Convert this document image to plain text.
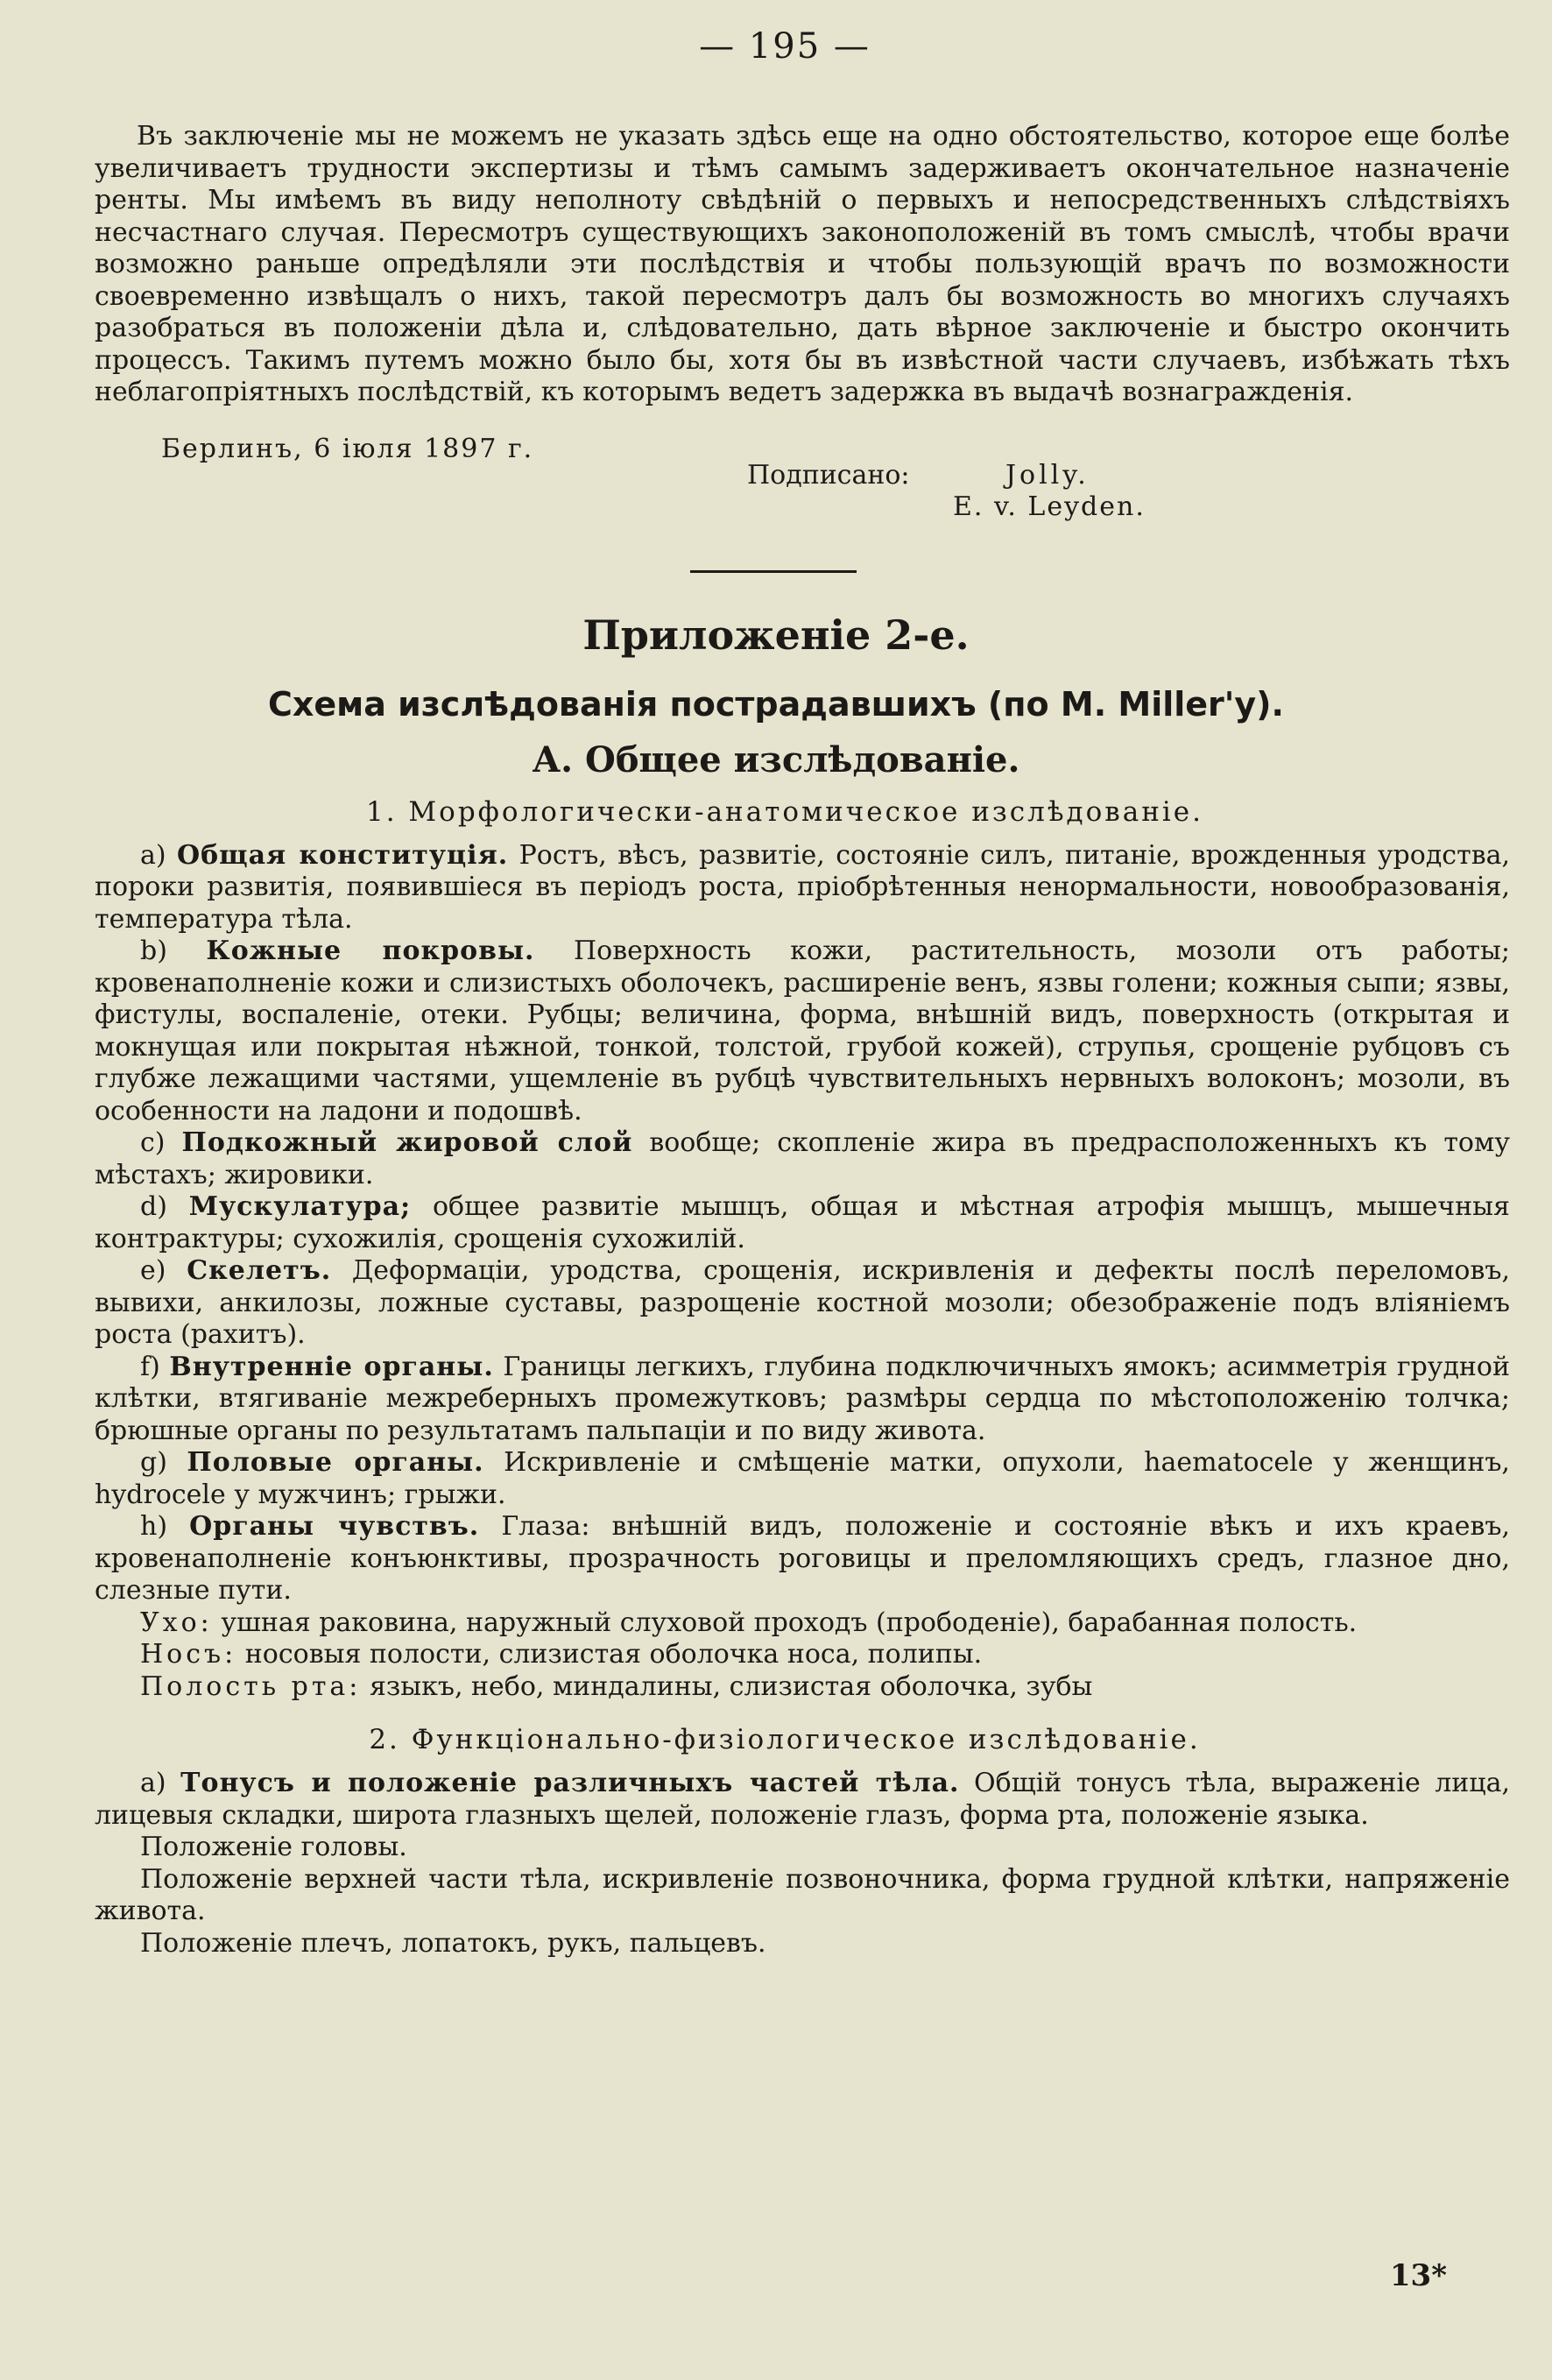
— 195 —

Въ заключеніе мы не можемъ не указать здѣсь еще на одно обстоятельство, которое еще болѣе увеличиваетъ трудности экспертизы и тѣмъ самымъ задерживаетъ окончательное назначеніе ренты. Мы имѣемъ въ виду неполноту свѣдѣній о первыхъ и непосредственныхъ слѣдствіяхъ несчастнаго случая. Пересмотръ существующихъ законоположеній въ томъ смыслѣ, чтобы врачи возможно раньше опредѣляли эти послѣдствія и чтобы пользующій врачъ по возможности своевременно извѣщалъ о нихъ, такой пересмотръ далъ бы возможность во многихъ случаяхъ разобраться въ положеніи дѣла и, слѣдовательно, дать вѣрное заключеніе и быстро окончить процессъ. Такимъ путемъ можно было бы, хотя бы въ извѣстной части случаевъ, избѣжать тѣхъ неблагопріятныхъ послѣдствій, къ которымъ ведетъ задержка въ выдачѣ вознагражденія.

Берлинъ, 6 іюля 1897 г.
Подписано:	Jolly.
E. v. Leyden.
Приложеніе 2-е.
Схема изслѣдованія пострадавшихъ (по M. Miller'у).
А. Общее изслѣдованіе.
1. Морфологически-анатомическое изслѣдованіе.

a) Общая конституція. Ростъ, вѣсъ, развитіе, состояніе силъ, питаніе, врожденныя уродства, пороки развитія, появившіеся въ періодъ роста, пріобрѣтенныя ненормальности, новообразованія, температура тѣла.

b) Кожные покровы. Поверхность кожи, растительность, мозоли отъ работы; кровенаполненіе кожи и слизистыхъ оболочекъ, расширеніе венъ, язвы голени; кожныя сыпи; язвы, фистулы, воспаленіе, отеки. Рубцы; величина, форма, внѣшній видъ, поверхность (открытая и мокнущая или покрытая нѣжной, тонкой, толстой, грубой кожей), струпья, срощеніе рубцовъ съ глубже лежащими частями, ущемленіе въ рубцѣ чувствительныхъ нервныхъ волоконъ; мозоли, въ особенности на ладони и подошвѣ.

c) Подкожный жировой слой вообще; скопленіе жира въ предрасположенныхъ къ тому мѣстахъ; жировики.

d) Мускулатура; общее развитіе мышцъ, общая и мѣстная атрофія мышцъ, мышечныя контрактуры; сухожилія, срощенія сухожилій.

e) Скелетъ. Деформаціи, уродства, срощенія, искривленія и дефекты послѣ переломовъ, вывихи, анкилозы, ложные суставы, разрощеніе костной мозоли; обезображеніе подъ вліяніемъ роста (рахитъ).

f) Внутренніе органы. Границы легкихъ, глубина подключичныхъ ямокъ; асимметрія грудной клѣтки, втягиваніе межреберныхъ промежутковъ; размѣры сердца по мѣстоположенію толчка; брюшные органы по результатамъ пальпаціи и по виду живота.

g) Половые органы. Искривленіе и смѣщеніе матки, опухоли, haematocele у женщинъ, hydrocele у мужчинъ; грыжи.

h) Органы чувствъ. Глаза: внѣшній видъ, положеніе и состояніе вѣкъ и ихъ краевъ, кровенаполненіе конъюнктивы, прозрачность роговицы и преломляющихъ средъ, глазное дно, слезные пути.

Ухо: ушная раковина, наружный слуховой проходъ (прободеніе), барабанная полость.

Носъ: носовыя полости, слизистая оболочка носа, полипы.

Полость рта: языкъ, небо, миндалины, слизистая оболочка, зубы

2. Функціонально-физіологическое изслѣдованіе.

a) Тонусъ и положеніе различныхъ частей тѣла. Общій тонусъ тѣла, выраженіе лица, лицевыя складки, широта глазныхъ щелей, положеніе глазъ, форма рта, положеніе языка.

Положеніе головы.

Положеніе верхней части тѣла, искривленіе позвоночника, форма грудной клѣтки, напряженіе живота.

Положеніе плечъ, лопатокъ, рукъ, пальцевъ.

13*
